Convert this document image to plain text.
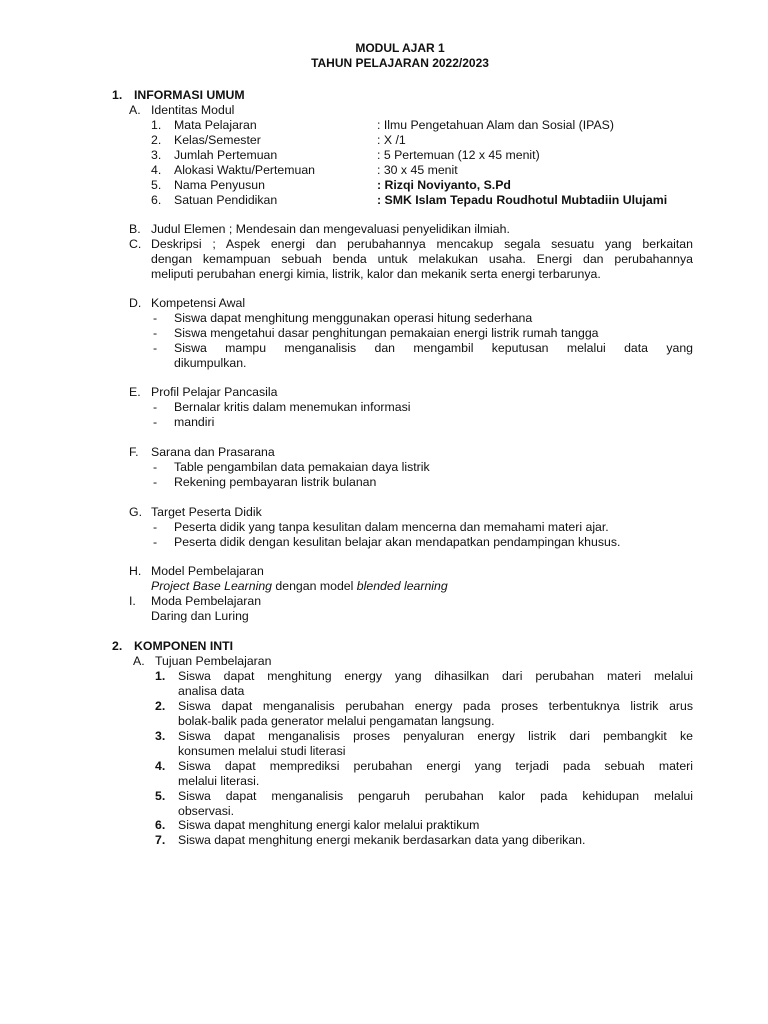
MODUL AJAR 1
TAHUN PELAJARAN 2022/2023
1. INFORMASI UMUM
A. Identitas Modul
1. Mata Pelajaran	: Ilmu Pengetahuan Alam dan Sosial (IPAS)
2. Kelas/Semester	: X /1
3. Jumlah Pertemuan	: 5 Pertemuan (12 x 45 menit)
4. Alokasi Waktu/Pertemuan	: 30 x 45 menit
5. Nama Penyusun	: Rizqi Noviyanto, S.Pd
6. Satuan Pendidikan	: SMK Islam Tepadu Roudhotul Mubtadiin Ulujami
B. Judul Elemen ; Mendesain dan mengevaluasi penyelidikan ilmiah.
C. Deskripsi ; Aspek energi dan perubahannya mencakup segala sesuatu yang berkaitan
dengan kemampuan sebuah benda untuk melakukan usaha. Energi dan perubahannya
meliputi perubahan energi kimia, listrik, kalor dan mekanik serta energi terbarunya.
D. Kompetensi Awal
- Siswa dapat menghitung menggunakan operasi hitung sederhana
- Siswa mengetahui dasar penghitungan pemakaian energi listrik rumah tangga
- Siswa mampu menganalisis dan mengambil keputusan melalui data yang
dikumpulkan.
E. Profil Pelajar Pancasila
- Bernalar kritis dalam menemukan informasi
- mandiri
F. Sarana dan Prasarana
- Table pengambilan data pemakaian daya listrik
- Rekening pembayaran listrik bulanan
G. Target Peserta Didik
- Peserta didik yang tanpa kesulitan dalam mencerna dan memahami materi ajar.
- Peserta didik dengan kesulitan belajar akan mendapatkan pendampingan khusus.
H. Model Pembelajaran
Project Base Learning dengan model blended learning
I. Moda Pembelajaran
Daring dan Luring
2. KOMPONEN INTI
A. Tujuan Pembelajaran
1. Siswa dapat menghitung energy yang dihasilkan dari perubahan materi melalui
analisa data
2. Siswa dapat menganalisis perubahan energy pada proses terbentuknya listrik arus
bolak-balik pada generator melalui pengamatan langsung.
3. Siswa dapat menganalisis proses penyaluran energy listrik dari pembangkit ke
konsumen melalui studi literasi
4. Siswa dapat memprediksi perubahan energi yang terjadi pada sebuah materi
melalui literasi.
5. Siswa dapat menganalisis pengaruh perubahan kalor pada kehidupan melalui
observasi.
6. Siswa dapat menghitung energi kalor melalui praktikum
7. Siswa dapat menghitung energi mekanik berdasarkan data yang diberikan.
